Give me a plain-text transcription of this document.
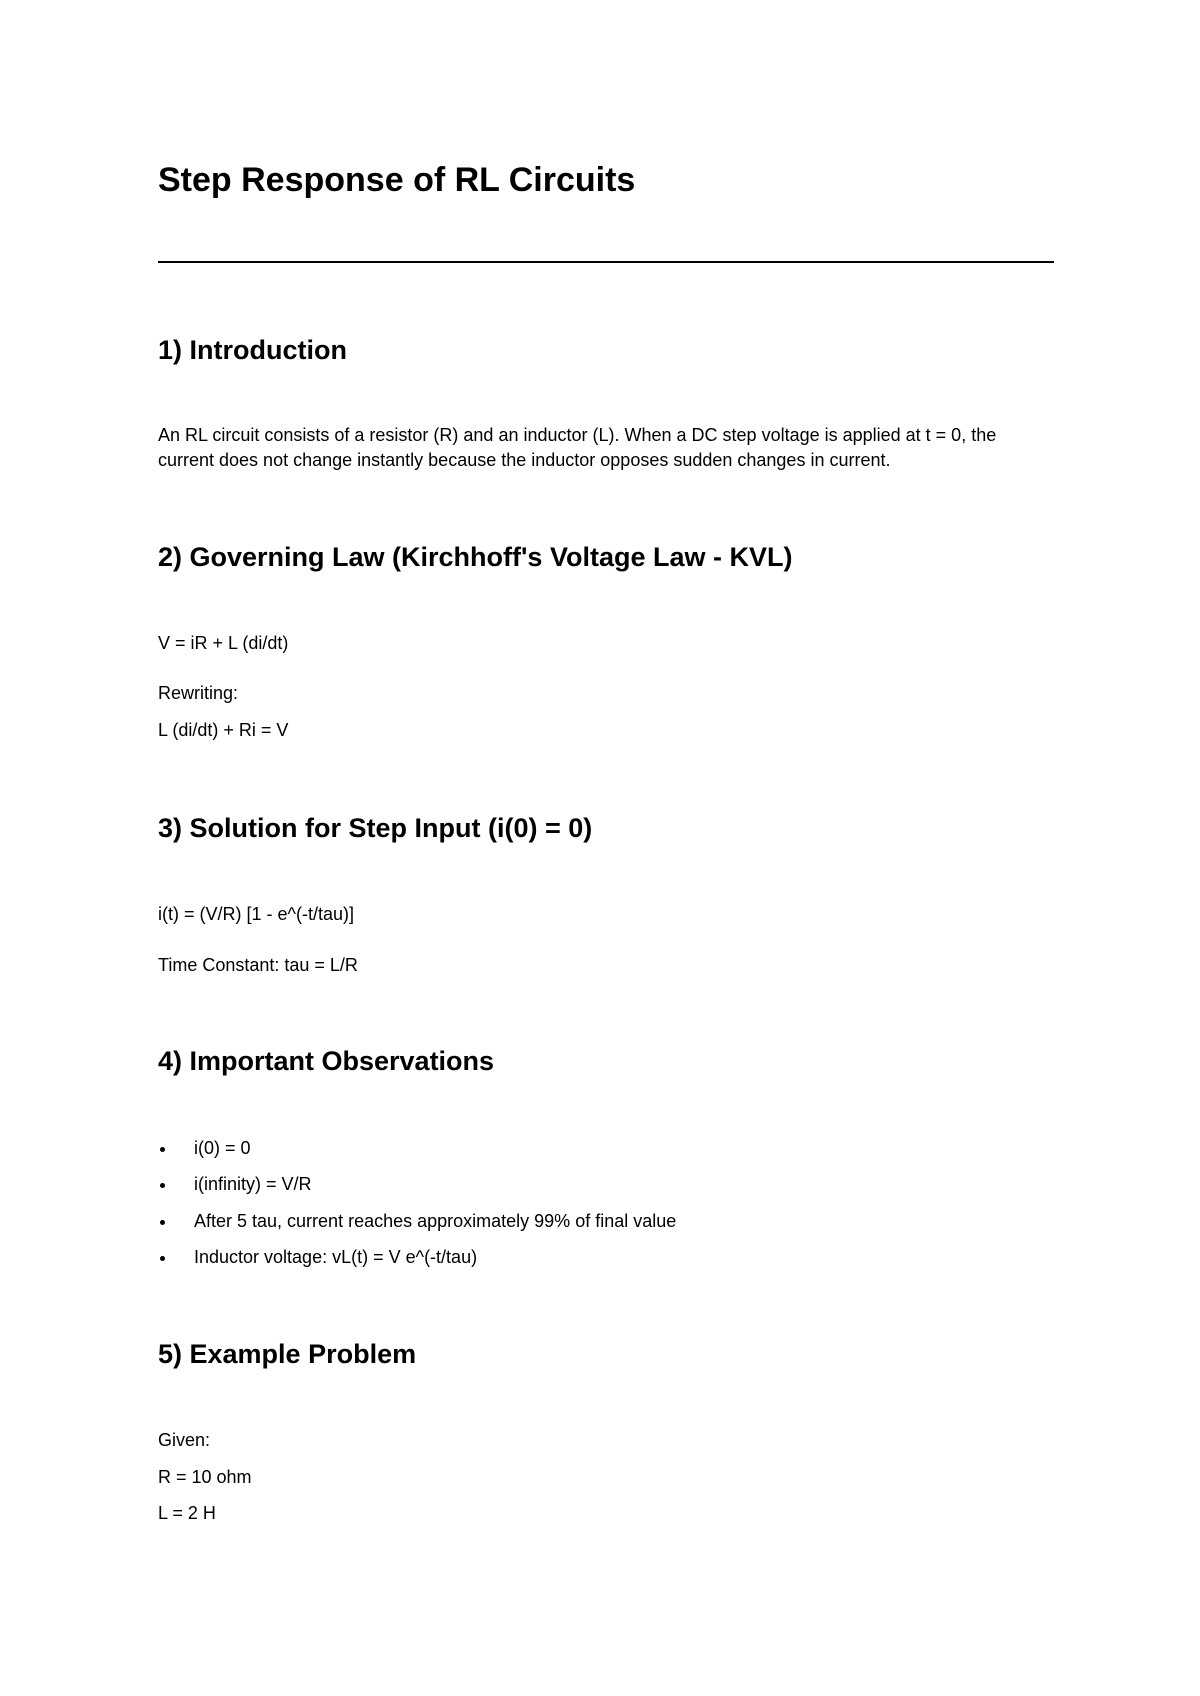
Step Response of RL Circuits
1) Introduction

An RL circuit consists of a resistor (R) and an inductor (L). When a DC step voltage is applied at t = 0, the current does not change instantly because the inductor opposes sudden changes in current.

2) Governing Law (Kirchhoff's Voltage Law - KVL)

V = iR + L (di/dt)

Rewriting:

L (di/dt) + Ri = V

3) Solution for Step Input (i(0) = 0)

i(t) = (V/R) [1 - e^(-t/tau)]

Time Constant: tau = L/R

4) Important Observations
i(0) = 0
i(infinity) = V/R
After 5 tau, current reaches approximately 99% of final value
Inductor voltage: vL(t) = V e^(-t/tau)
5) Example Problem

Given:

R = 10 ohm

L = 2 H
